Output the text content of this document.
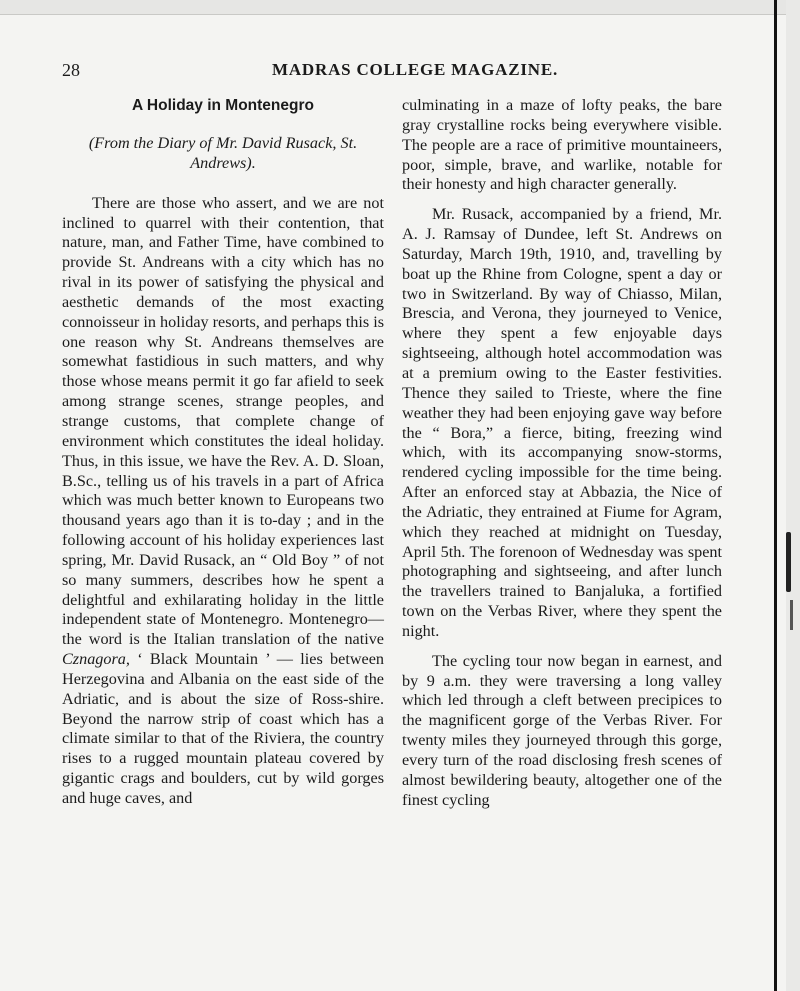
28	MADRAS COLLEGE MAGAZINE.
A Holiday in Montenegro
(From the Diary of Mr. David Rusack, St. Andrews).

There are those who assert, and we are not inclined to quarrel with their contention, that nature, man, and Father Time, have combined to provide St. Andreans with a city which has no rival in its power of satisfying the physical and aesthetic demands of the most exacting connoisseur in holiday resorts, and perhaps this is one reason why St. Andreans themselves are somewhat fastidious in such matters, and why those whose means permit it go far afield to seek among strange scenes, strange peoples, and strange customs, that complete change of environment which constitutes the ideal holiday. Thus, in this issue, we have the Rev. A. D. Sloan, B.Sc., telling us of his travels in a part of Africa which was much better known to Europeans two thousand years ago than it is to-day ; and in the following account of his holiday experiences last spring, Mr. David Rusack, an “ Old Boy ” of not so many summers, describes how he spent a delightful and exhilarating holiday in the little independent state of Montenegro. Montenegro—the word is the Italian translation of the native Cznagora, ‘ Black Mountain ’ — lies between Herzegovina and Albania on the east side of the Adriatic, and is about the size of Ross-shire. Beyond the narrow strip of coast which has a climate similar to that of the Riviera, the country rises to a rugged mountain plateau covered by gigantic crags and boulders, cut by wild gorges and huge caves, and

culminating in a maze of lofty peaks, the bare gray crystalline rocks being everywhere visible. The people are a race of primitive mountaineers, poor, simple, brave, and warlike, notable for their honesty and high character generally.

Mr. Rusack, accompanied by a friend, Mr. A. J. Ramsay of Dundee, left St. Andrews on Saturday, March 19th, 1910, and, travelling by boat up the Rhine from Cologne, spent a day or two in Switzerland. By way of Chiasso, Milan, Brescia, and Verona, they journeyed to Venice, where they spent a few enjoyable days sightseeing, although hotel accommodation was at a premium owing to the Easter festivities. Thence they sailed to Trieste, where the fine weather they had been enjoying gave way before the “ Bora,” a fierce, biting, freezing wind which, with its accompanying snow-storms, rendered cycling impossible for the time being. After an enforced stay at Abbazia, the Nice of the Adriatic, they entrained at Fiume for Agram, which they reached at midnight on Tuesday, April 5th. The forenoon of Wednesday was spent photographing and sightseeing, and after lunch the travellers trained to Banjaluka, a fortified town on the Verbas River, where they spent the night.

The cycling tour now began in earnest, and by 9 a.m. they were traversing a long valley which led through a cleft between precipices to the magnificent gorge of the Verbas River. For twenty miles they journeyed through this gorge, every turn of the road disclosing fresh scenes of almost bewildering beauty, altogether one of the finest cycling
